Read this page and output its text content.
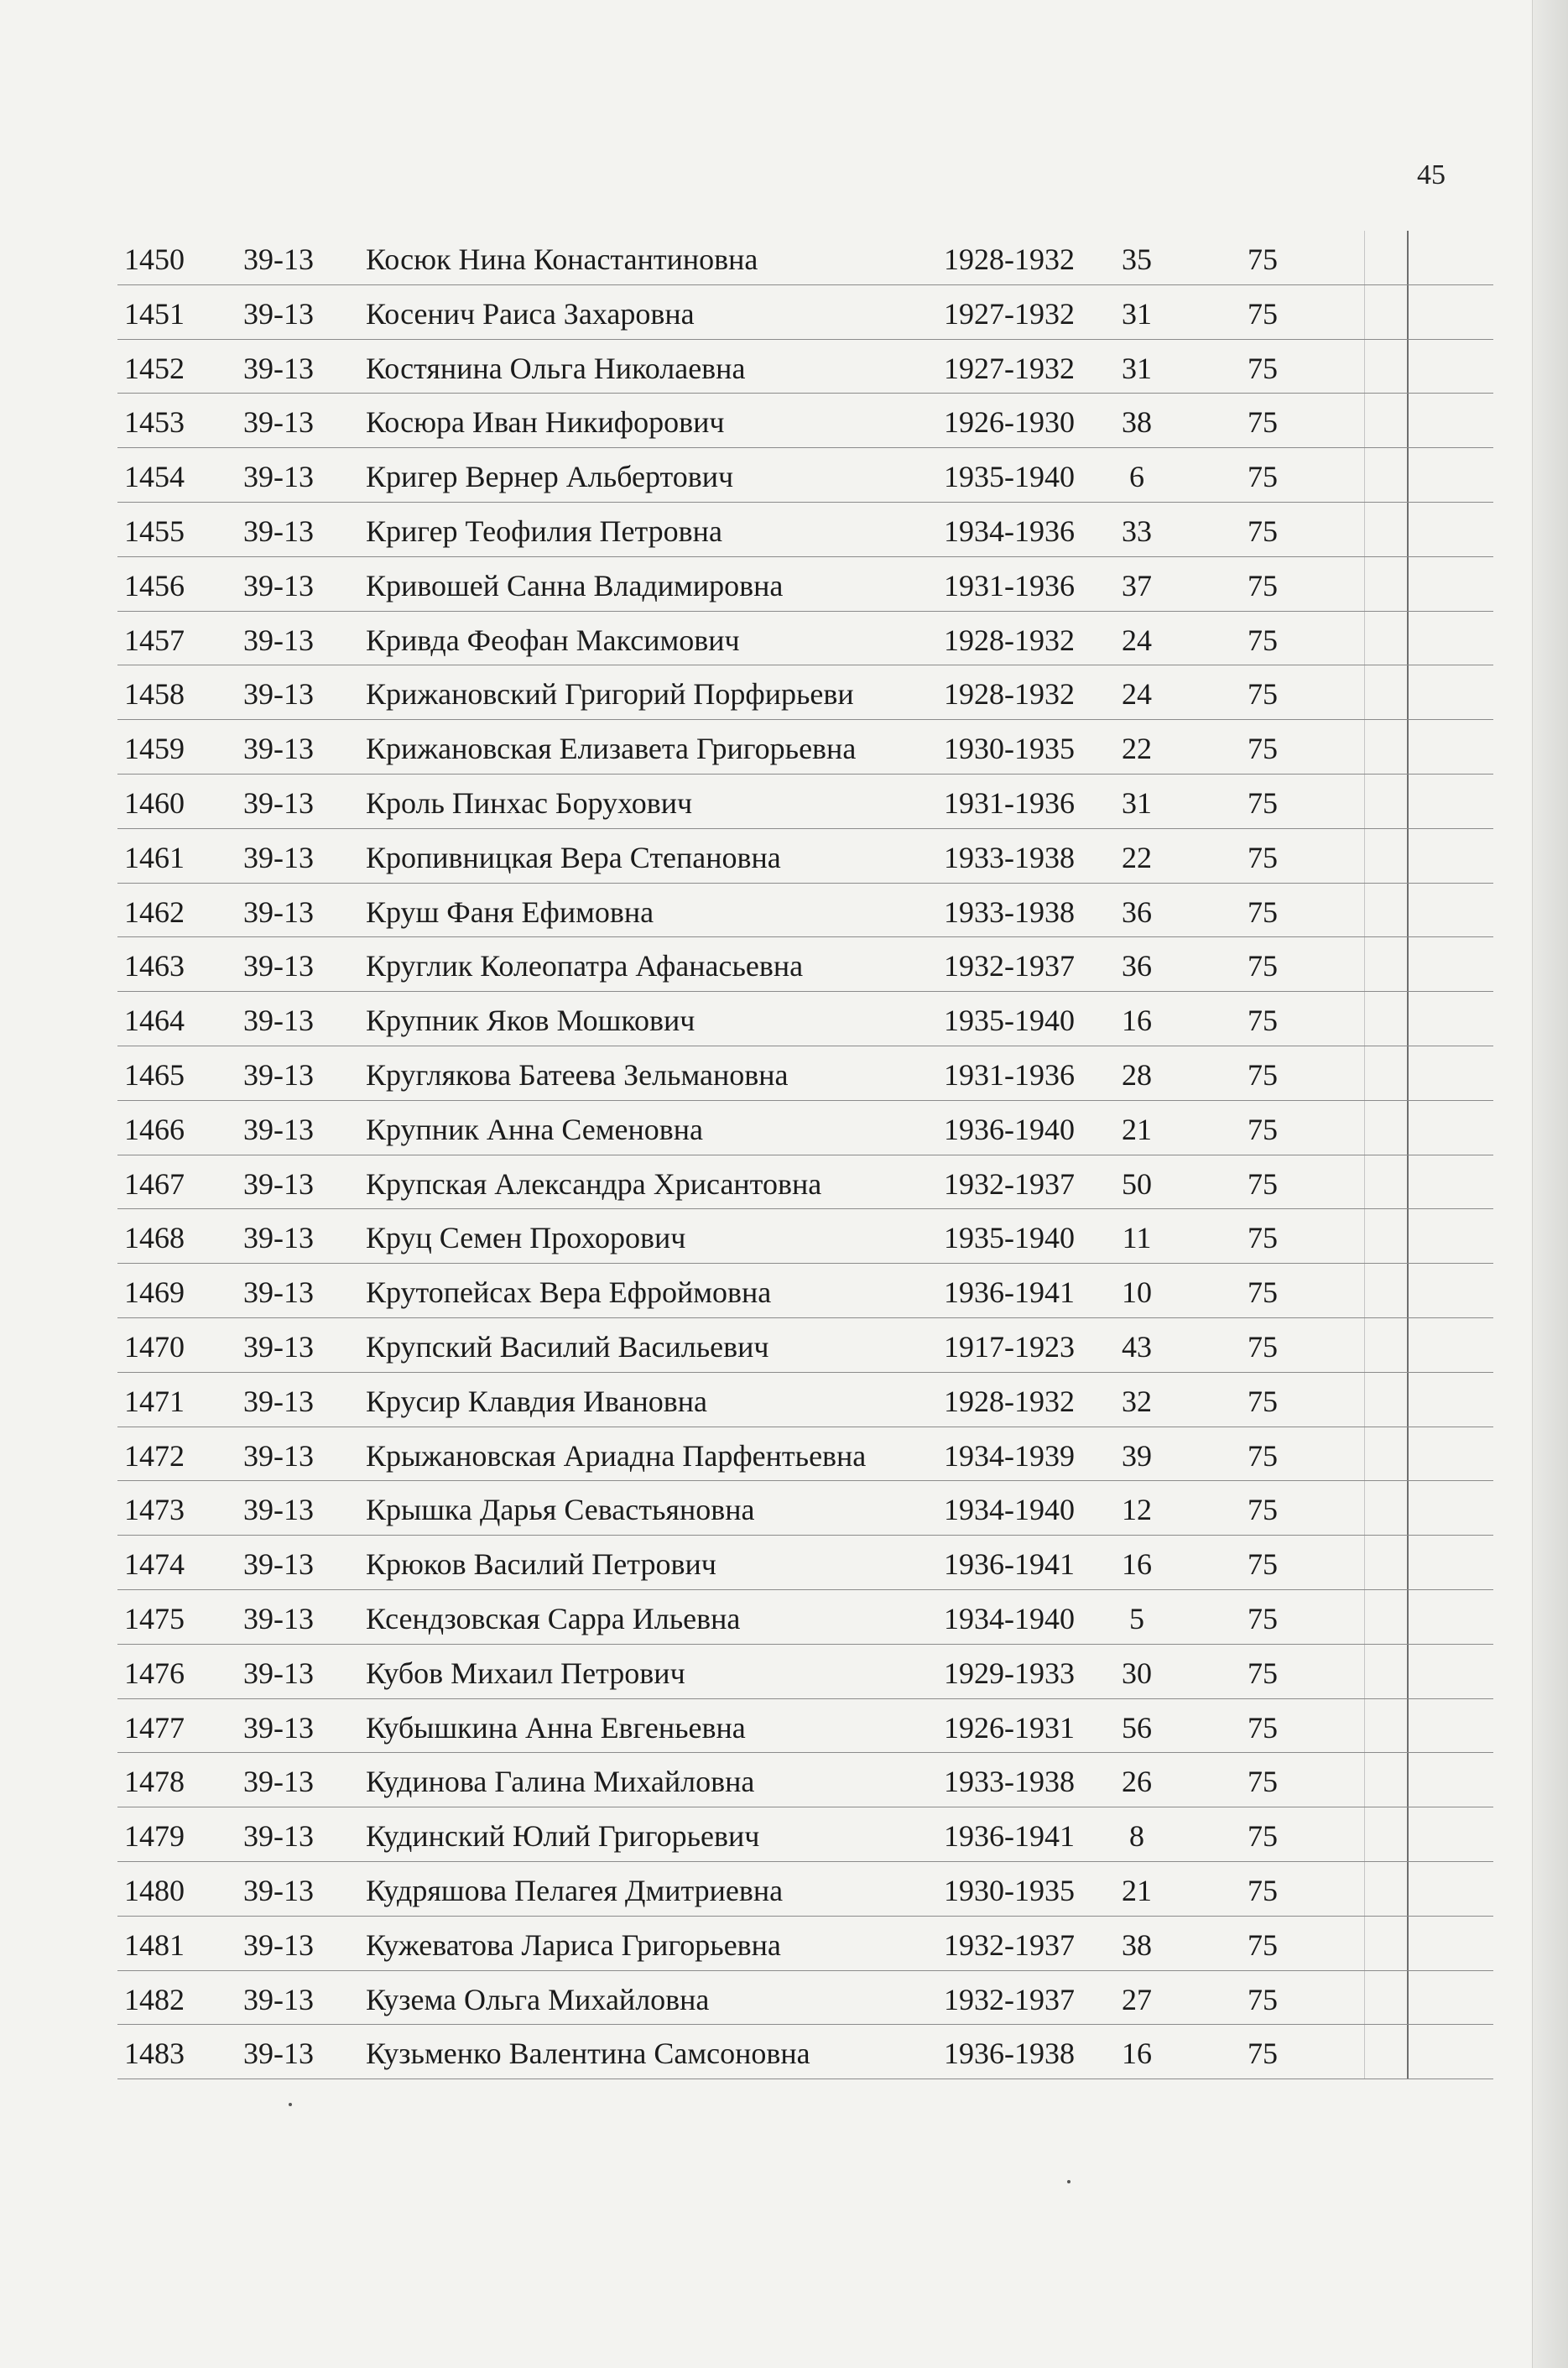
45
1450 39-13 Косюк Нина Конастантиновна	1928-1932	35	75
1451 39-13 Косенич Раиса Захаровна	1927-1932	31	75
1452 39-13 Костянина Ольга Николаевна	1927-1932	31	75
1453 39-13 Косюра Иван Никифорович	1926-1930	38	75
1454 39-13 Кригер Вернер Альбертович	1935-1940	6	75
1455 39-13 Кригер Теофилия Петровна	1934-1936	33	75
1456 39-13 Кривошей Санна Владимировна	1931-1936	37	75
1457 39-13 Кривда Феофан Максимович	1928-1932	24	75
1458 39-13 Крижановский Григорий Порфирьеви	1928-1932	24	75
1459 39-13 Крижановская Елизавета Григорьевна	1930-1935	22	75
1460 39-13 Кроль Пинхас Борухович	1931-1936	31	75
1461 39-13 Кропивницкая Вера Степановна	1933-1938	22	75
1462 39-13 Круш Фаня Ефимовна	1933-1938	36	75
1463 39-13 Круглик Колеопатра Афанасьевна	1932-1937	36	75
1464 39-13 Крупник Яков Мошкович	1935-1940	16	75
1465 39-13 Круглякова Батеева Зельмановна	1931-1936	28	75
1466 39-13 Крупник Анна Семеновна	1936-1940	21	75
1467 39-13 Крупская Александра Хрисантовна	1932-1937	50	75
1468 39-13 Круц Семен Прохорович	1935-1940	11	75
1469 39-13 Крутопейсах Вера Ефроймовна	1936-1941	10	75
1470 39-13 Крупский Василий Васильевич	1917-1923	43	75
1471 39-13 Крусир Клавдия Ивановна	1928-1932	32	75
1472 39-13 Крыжановская Ариадна Парфентьевна	1934-1939	39	75
1473 39-13 Крышка Дарья Севастьяновна	1934-1940	12	75
1474 39-13 Крюков Василий Петрович	1936-1941	16	75
1475 39-13 Ксендзовская Сарра Ильевна	1934-1940	5	75
1476 39-13 Кубов Михаил Петрович	1929-1933	30	75
1477 39-13 Кубышкина Анна Евгеньевна	1926-1931	56	75
1478 39-13 Кудинова Галина Михайловна	1933-1938	26	75
1479 39-13 Кудинский Юлий Григорьевич	1936-1941	8	75
1480 39-13 Кудряшова Пелагея Дмитриевна	1930-1935	21	75
1481 39-13 Кужеватова Лариса Григорьевна	1932-1937	38	75
1482 39-13 Кузема Ольга Михайловна	1932-1937	27	75
1483 39-13 Кузьменко Валентина Самсоновна	1936-1938	16	75
